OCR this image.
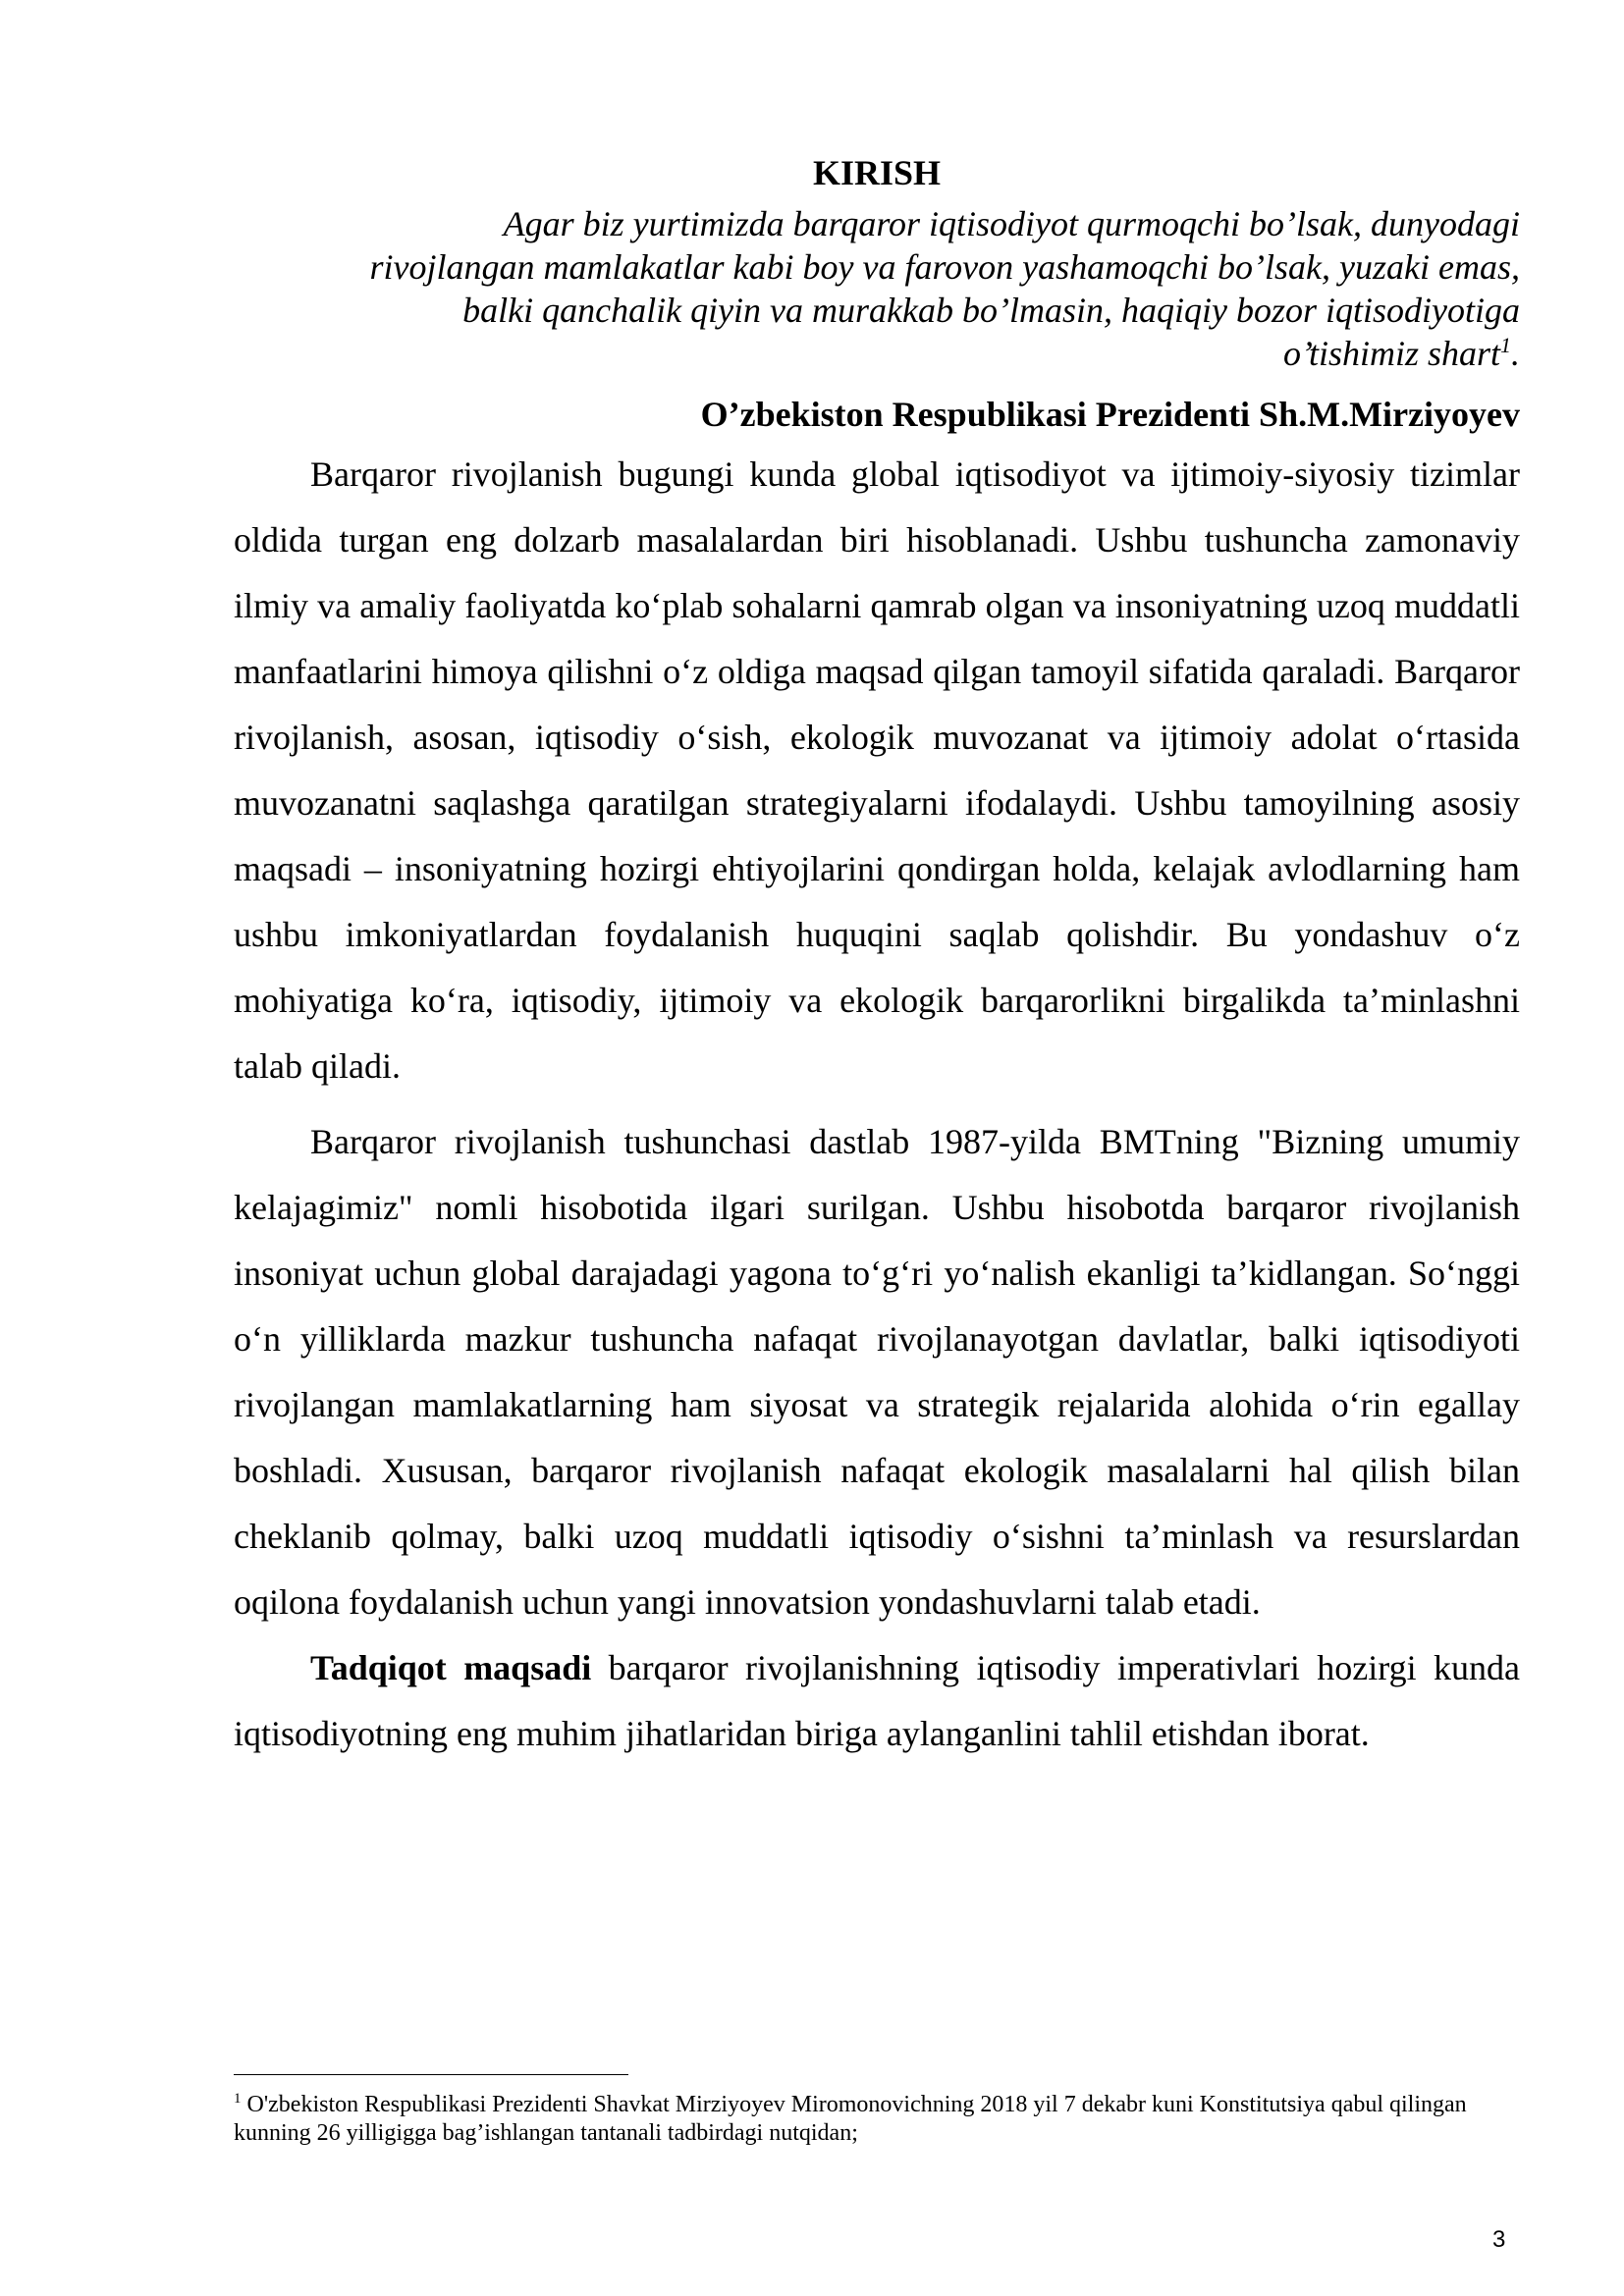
KIRISH
Agar biz yurtimizda barqaror iqtisodiyot qurmoqchi bo’lsak, dunyodagi
rivojlangan mamlakatlar kabi boy va farovon yashamoqchi bo’lsak, yuzaki emas,
balki qanchalik qiyin va murakkab bo’lmasin, haqiqiy bozor iqtisodiyotiga
o’tishimiz shart$^1$.
O’zbekiston Respublikasi Prezidenti Sh.M.Mirziyoyev

Barqaror rivojlanish bugungi kunda global iqtisodiyot va ijtimoiy-siyosiy tizimlar oldida turgan eng dolzarb masalalardan biri hisoblanadi. Ushbu tushuncha zamonaviy ilmiy va amaliy faoliyatda ko‘plab sohalarni qamrab olgan va insoniyatning uzoq muddatli manfaatlarini himoya qilishni o‘z oldiga maqsad qilgan tamoyil sifatida qaraladi. Barqaror rivojlanish, asosan, iqtisodiy o‘sish, ekologik muvozanat va ijtimoiy adolat o‘rtasida muvozanatni saqlashga qaratilgan strategiyalarni ifodalaydi. Ushbu tamoyilning asosiy maqsadi – insoniyatning hozirgi ehtiyojlarini qondirgan holda, kelajak avlodlarning ham ushbu imkoniyatlardan foydalanish huquqini saqlab qolishdir. Bu yondashuv o‘z mohiyatiga ko‘ra, iqtisodiy, ijtimoiy va ekologik barqarorlikni birgalikda ta’minlashni talab qiladi.

Barqaror rivojlanish tushunchasi dastlab 1987-yilda BMTning "Bizning umumiy kelajagimiz" nomli hisobotida ilgari surilgan. Ushbu hisobotda barqaror rivojlanish insoniyat uchun global darajadagi yagona to‘g‘ri yo‘nalish ekanligi ta’kidlangan. So‘nggi o‘n yilliklarda mazkur tushuncha nafaqat rivojlanayotgan davlatlar, balki iqtisodiyoti rivojlangan mamlakatlarning ham siyosat va strategik rejalarida alohida o‘rin egallay boshladi. Xususan, barqaror rivojlanish nafaqat ekologik masalalarni hal qilish bilan cheklanib qolmay, balki uzoq muddatli iqtisodiy o‘sishni ta’minlash va resurslardan oqilona foydalanish uchun yangi innovatsion yondashuvlarni talab etadi.

Tadqiqot maqsadi barqaror rivojlanishning iqtisodiy imperativlari hozirgi kunda iqtisodiyotning eng muhim jihatlaridan biriga aylanganlini tahlil etishdan iborat.

$^1$ O'zbekiston Respublikasi Prezidenti Shavkat Mirziyoyev Miromonovichning 2018 yil 7 dekabr kuni Konstitutsiya qabul qilingan kunning 26 yilligigga bag’ishlangan tantanali tadbirdagi nutqidan;
3
